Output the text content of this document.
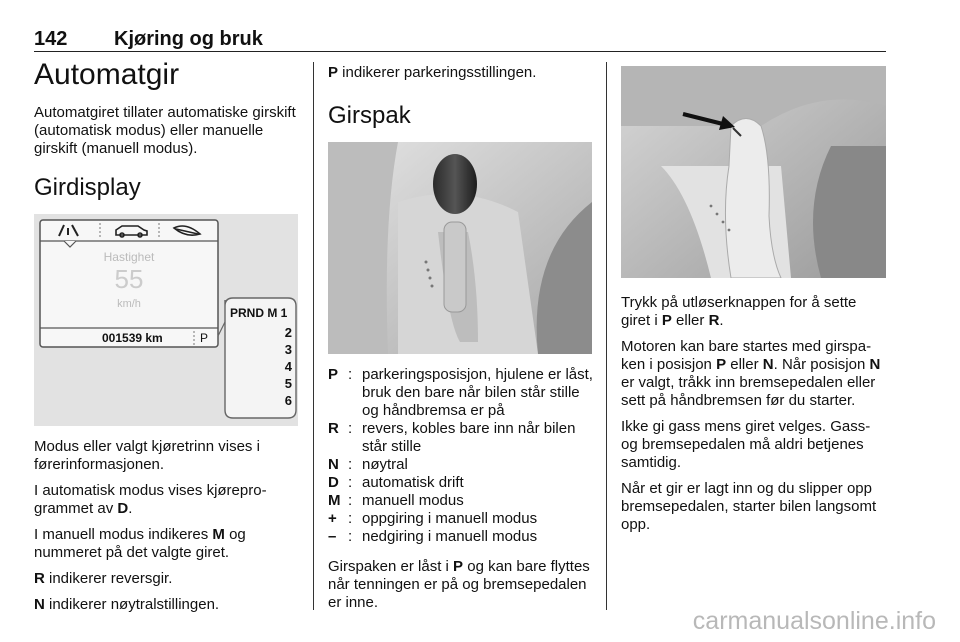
142 Kjøring og bruk
Automatgir

Automatgiret tillater automatiske girskift (automatisk modus) eller manuelle girskift (manuell modus).

Girdisplay
Hastighet
55
km/h
001539 km	P
PRND M 1
2
3
4
5
6

Modus eller valgt kjøretrinn vises i førerinformasjonen.

I automatisk modus vises kjøreprogrammet av D.

I manuell modus indikeres M og nummeret på det valgte giret.

R indikerer reversgir.

N indikerer nøytralstillingen.

P indikerer parkeringsstillingen.

Girspak
P : parkeringsposisjon, hjulene er låst, bruk den bare når bilen står stille og håndbremsa er på
R : revers, kobles bare inn når bilen står stille
N : nøytral
D : automatisk drift
M : manuell modus
+ : oppgiring i manuell modus
– : nedgiring i manuell modus

Girspaken er låst i P og kan bare flyttes når tenningen er på og bremsepedalen er inne.

Trykk på utløserknappen for å sette giret i P eller R.

Motoren kan bare startes med girspaken i posisjon P eller N. Når posisjon N er valgt, tråkk inn bremsepedalen eller sett på håndbremsen før du starter.

Ikke gi gass mens giret velges. Gass- og bremsepedalen må aldri betjenes samtidig.

Når et gir er lagt inn og du slipper opp bremsepedalen, starter bilen langsomt opp.

carmanualsonline.info
